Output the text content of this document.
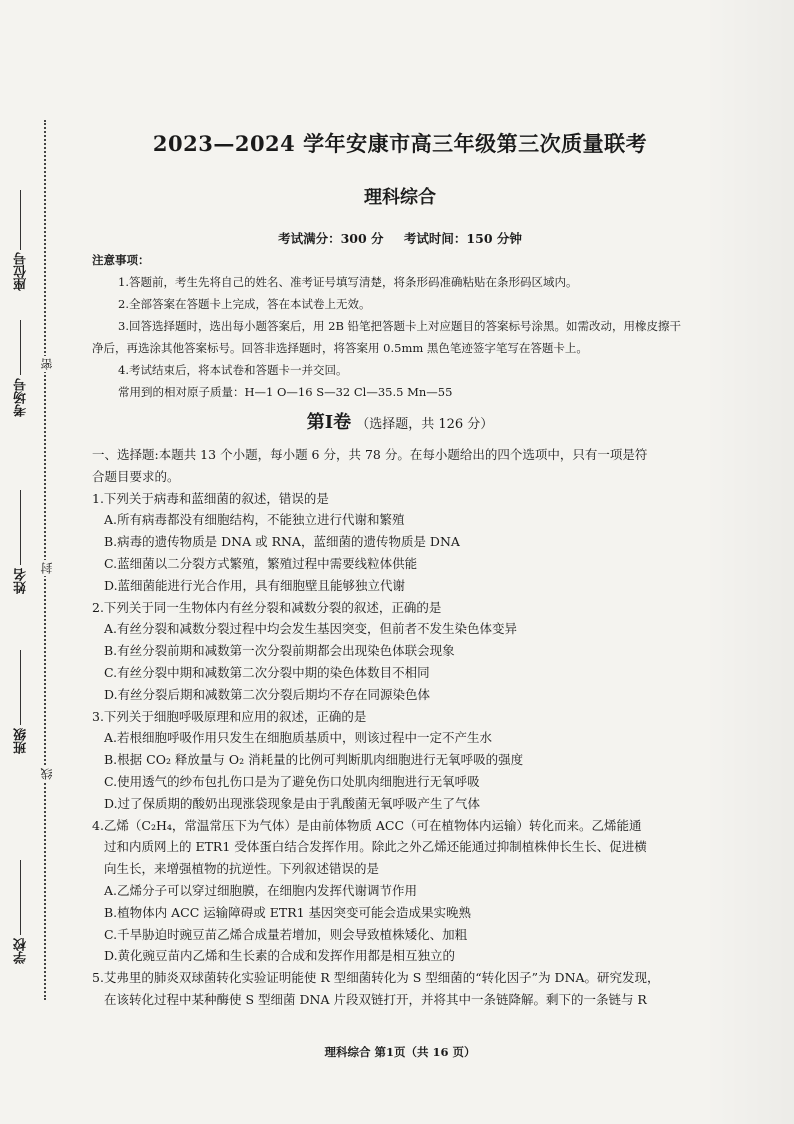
座位号
考场号
姓名
班级
学校
密
封
线
2023—2024 学年安康市高三年级第三次质量联考
理科综合
考试满分：300 分 考试时间：150 分钟

注意事项：

1.答题前，考生先将自己的姓名、准考证号填写清楚，将条形码准确粘贴在条形码区域内。

2.全部答案在答题卡上完成，答在本试卷上无效。

3.回答选择题时，选出每小题答案后，用 2B 铅笔把答题卡上对应题目的答案标号涂黑。如需改动，用橡皮擦干

净后，再选涂其他答案标号。回答非选择题时，将答案用 0.5mm 黑色笔迹签字笔写在答题卡上。

4.考试结束后，将本试卷和答题卡一并交回。

常用到的相对原子质量：H—1 O—16 S—32 Cl—35.5 Mn—55

第Ⅰ卷 （选择题，共 126 分）

一、选择题:本题共 13 个小题，每小题 6 分，共 78 分。在每小题给出的四个选项中，只有一项是符

合题目要求的。

1.下列关于病毒和蓝细菌的叙述，错误的是

A.所有病毒都没有细胞结构，不能独立进行代谢和繁殖

B.病毒的遗传物质是 DNA 或 RNA，蓝细菌的遗传物质是 DNA

C.蓝细菌以二分裂方式繁殖，繁殖过程中需要线粒体供能

D.蓝细菌能进行光合作用，具有细胞壁且能够独立代谢

2.下列关于同一生物体内有丝分裂和减数分裂的叙述，正确的是

A.有丝分裂和减数分裂过程中均会发生基因突变，但前者不发生染色体变异

B.有丝分裂前期和减数第一次分裂前期都会出现染色体联会现象

C.有丝分裂中期和减数第二次分裂中期的染色体数目不相同

D.有丝分裂后期和减数第二次分裂后期均不存在同源染色体

3.下列关于细胞呼吸原理和应用的叙述，正确的是

A.若根细胞呼吸作用只发生在细胞质基质中，则该过程中一定不产生水

B.根据 CO₂ 释放量与 O₂ 消耗量的比例可判断肌肉细胞进行无氧呼吸的强度

C.使用透气的纱布包扎伤口是为了避免伤口处肌肉细胞进行无氧呼吸

D.过了保质期的酸奶出现涨袋现象是由于乳酸菌无氧呼吸产生了气体

4.乙烯（C₂H₄，常温常压下为气体）是由前体物质 ACC（可在植物体内运输）转化而来。乙烯能通

过和内质网上的 ETR1 受体蛋白结合发挥作用。除此之外乙烯还能通过抑制植株伸长生长、促进横

向生长，来增强植物的抗逆性。下列叙述错误的是

A.乙烯分子可以穿过细胞膜，在细胞内发挥代谢调节作用

B.植物体内 ACC 运输障碍或 ETR1 基因突变可能会造成果实晚熟

C.千旱胁迫时豌豆苗乙烯合成量若增加，则会导致植株矮化、加粗

D.黄化豌豆苗内乙烯和生长素的合成和发挥作用都是相互独立的

5.艾弗里的肺炎双球菌转化实验证明能使 R 型细菌转化为 S 型细菌的“转化因子”为 DNA。研究发现，

在该转化过程中某种酶使 S 型细菌 DNA 片段双链打开，并将其中一条链降解。剩下的一条链与 R

理科综合 第1页（共 16 页）
